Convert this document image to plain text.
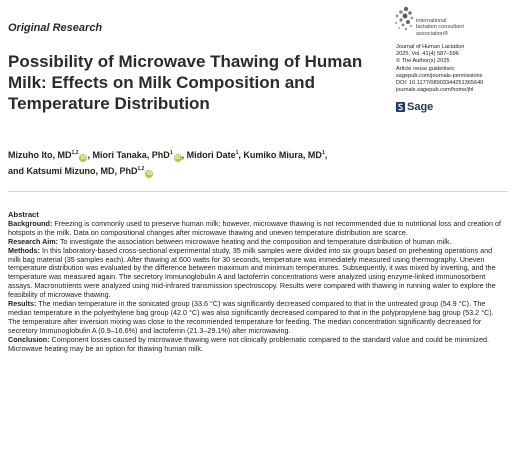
Original Research
international
lactation consultant
association®
Journal of Human Lactation
2025, Vol. 41(4) 587–596
© The Author(s) 2025
Article reuse guidelines:
sagepub.com/journals-permissions
DOI: 10.1177/08903344251365640
journals.sagepub.com/home/jhl
Sage
Possibility of Microwave Thawing of Human Milk: Effects on Milk Composition and Temperature Distribution
Mizuho Ito, MD$^{1,2}$iD , Miori Tanaka, PhD$^1$iD , Midori Date$^1$, Kumiko Miura, $MD^1$,
and Katsumi Mizuno, MD, PhD$^{1,2}$iD
Abstract

Background: Freezing is commonly used to preserve human milk; however, microwave thawing is not recommended due to nutritional loss and creation of hotspots in the milk. Data on compositional changes after microwave thawing and uneven temperature distribution are scarce.

Research Aim: To investigate the association between microwave heating and the composition and temperature distribution of human milk.

Methods: In this laboratory-based cross-sectional experimental study, 35 milk samples were divided into six groups based on preheating operations and milk bag material (35 samples each). After thawing at 600 watts for 30 seconds, temperature was immediately measured using thermography. Uneven temperature distribution was evaluated by the difference between maximum and minimum temperatures. Subsequently, it was mixed by inverting, and the temperature was measured again. The secretory Immunoglobulin A and lactoferrin concentrations were analyzed using enzyme-linked immunosorbent assays. Macronutrients were analyzed using mid-infrared transmission spectroscopy. Results were compared with thawing in running water to explore the feasibility of microwave thawing.

Results: The median temperature in the sonicated group (33.6 °C) was significantly decreased compared to that in the untreated group (54.9 °C). The median temperature in the polyethylene bag group (42.0 °C) was also significantly decreased compared to that in the polypropylene bag group (53.2 °C). The temperature after inversion mixing was close to the recommended temperature for feeding. The median concentration significantly decreased for secretory Immunoglobulin A (0.9–16.6%) and lactoferrin (21.3–29.1%) after microwaving.

Conclusion: Component losses caused by microwave thawing were not clinically problematic compared to the standard value and could be minimized. Microwave heating may be an option for thawing human milk.
